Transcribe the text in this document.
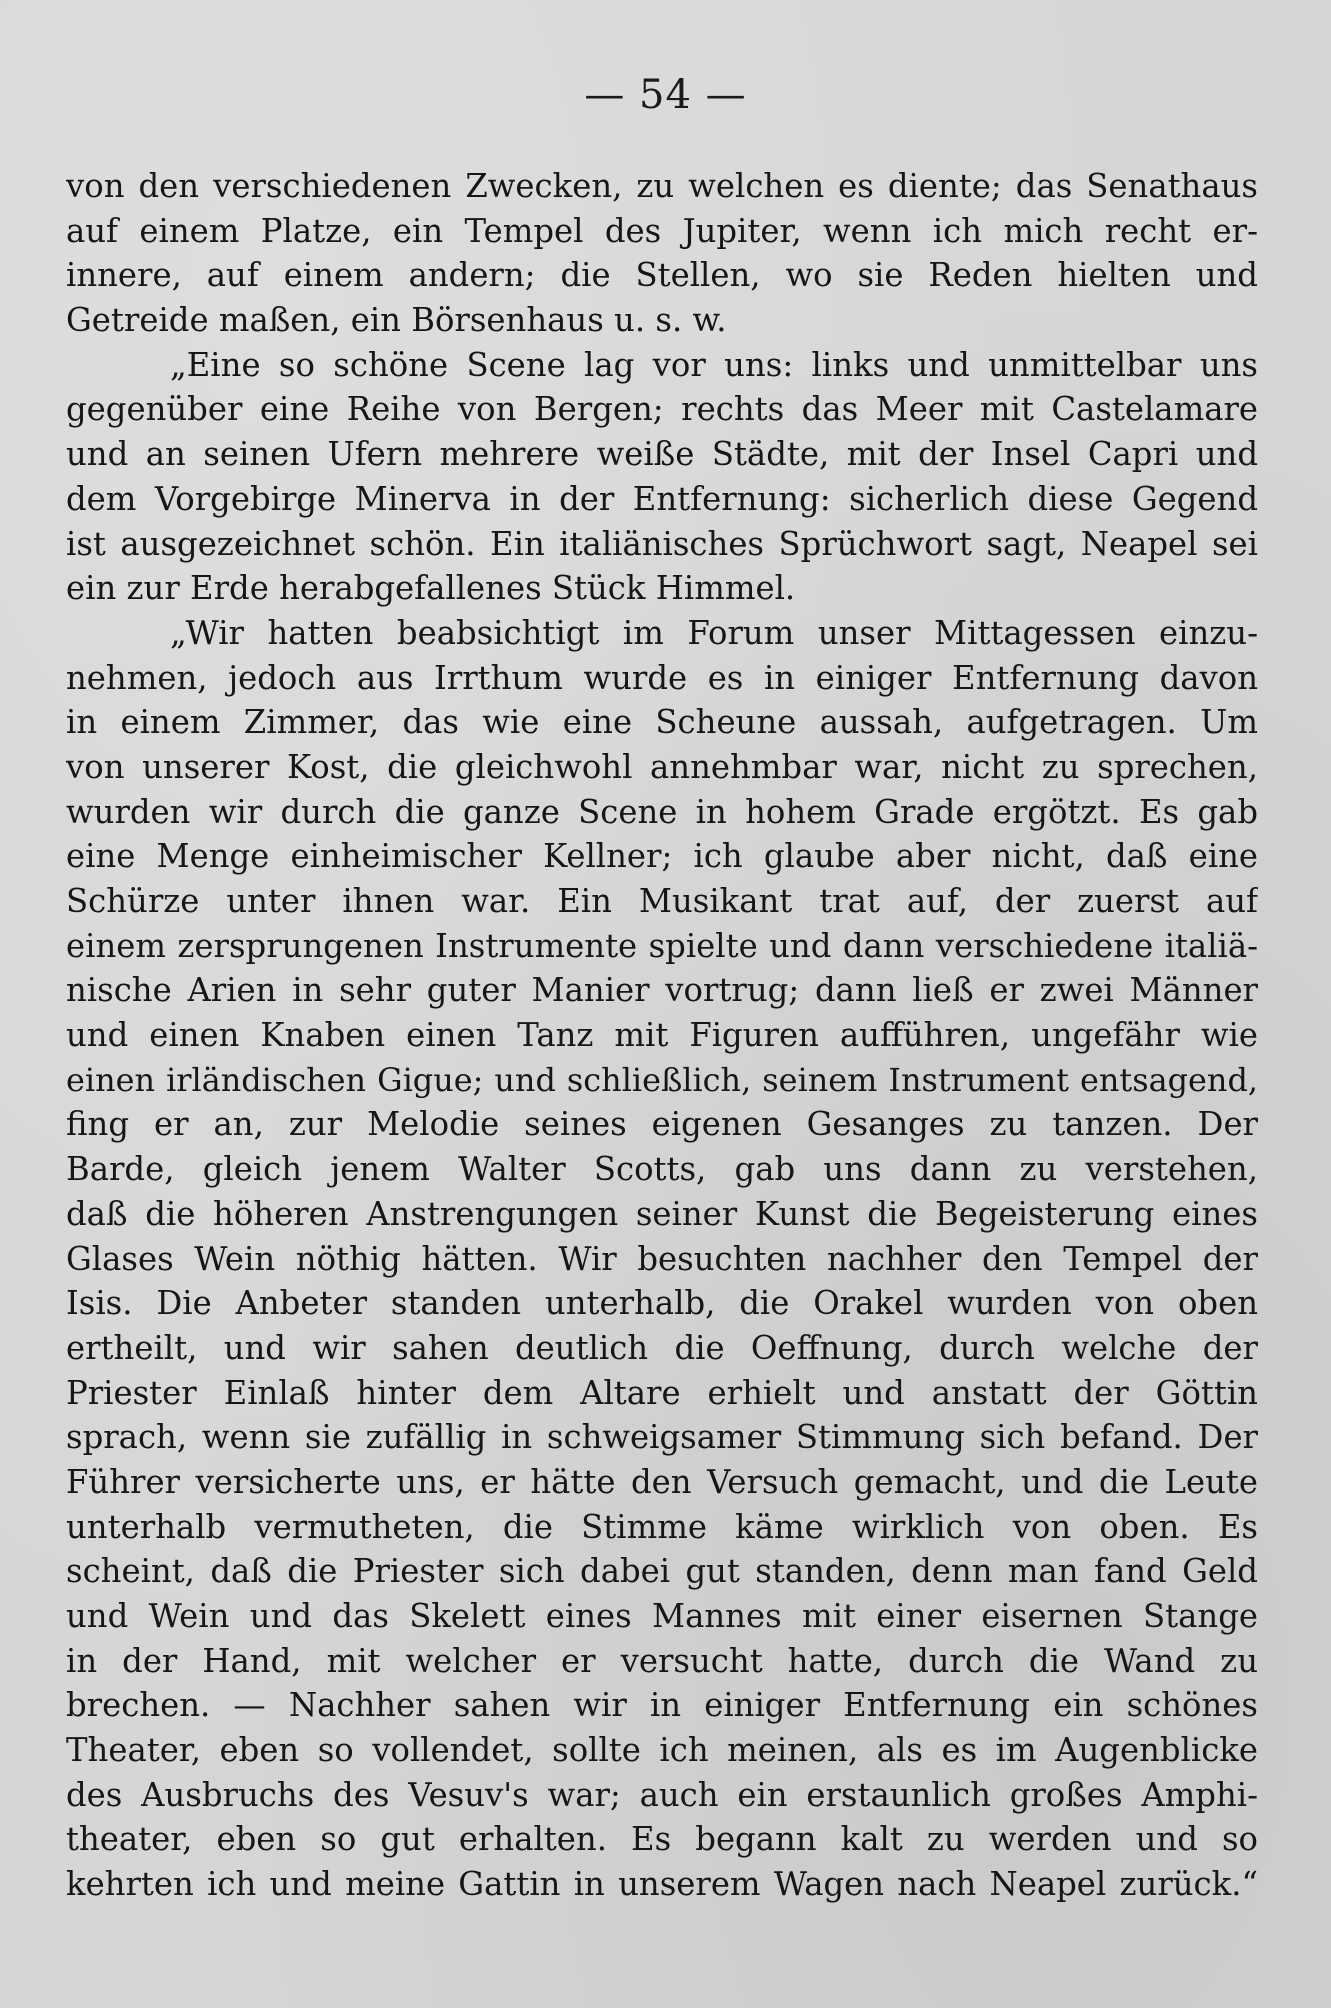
— 54 —
von den verschiedenen Zwecken, zu welchen es diente; das Senathaus
auf einem Platze, ein Tempel des Jupiter, wenn ich mich recht er-
innere, auf einem andern; die Stellen, wo sie Reden hielten und
Getreide maßen, ein Börsenhaus u. s. w.
„Eine so schöne Scene lag vor uns: links und unmittelbar uns
gegenüber eine Reihe von Bergen; rechts das Meer mit Castelamare
und an seinen Ufern mehrere weiße Städte, mit der Insel Capri und
dem Vorgebirge Minerva in der Entfernung: sicherlich diese Gegend
ist ausgezeichnet schön. Ein italiänisches Sprüchwort sagt, Neapel sei
ein zur Erde herabgefallenes Stück Himmel.
„Wir hatten beabsichtigt im Forum unser Mittagessen einzu-
nehmen, jedoch aus Irrthum wurde es in einiger Entfernung davon
in einem Zimmer, das wie eine Scheune aussah, aufgetragen. Um
von unserer Kost, die gleichwohl annehmbar war, nicht zu sprechen,
wurden wir durch die ganze Scene in hohem Grade ergötzt. Es gab
eine Menge einheimischer Kellner; ich glaube aber nicht, daß eine
Schürze unter ihnen war. Ein Musikant trat auf, der zuerst auf
einem zersprungenen Instrumente spielte und dann verschiedene italiä-
nische Arien in sehr guter Manier vortrug; dann ließ er zwei Männer
und einen Knaben einen Tanz mit Figuren aufführen, ungefähr wie
einen irländischen Gigue; und schließlich, seinem Instrument entsagend,
fing er an, zur Melodie seines eigenen Gesanges zu tanzen. Der
Barde, gleich jenem Walter Scotts, gab uns dann zu verstehen,
daß die höheren Anstrengungen seiner Kunst die Begeisterung eines
Glases Wein nöthig hätten. Wir besuchten nachher den Tempel der
Isis. Die Anbeter standen unterhalb, die Orakel wurden von oben
ertheilt, und wir sahen deutlich die Oeffnung, durch welche der
Priester Einlaß hinter dem Altare erhielt und anstatt der Göttin
sprach, wenn sie zufällig in schweigsamer Stimmung sich befand. Der
Führer versicherte uns, er hätte den Versuch gemacht, und die Leute
unterhalb vermutheten, die Stimme käme wirklich von oben. Es
scheint, daß die Priester sich dabei gut standen, denn man fand Geld
und Wein und das Skelett eines Mannes mit einer eisernen Stange
in der Hand, mit welcher er versucht hatte, durch die Wand zu
brechen. — Nachher sahen wir in einiger Entfernung ein schönes
Theater, eben so vollendet, sollte ich meinen, als es im Augenblicke
des Ausbruchs des Vesuv's war; auch ein erstaunlich großes Amphi-
theater, eben so gut erhalten. Es begann kalt zu werden und so
kehrten ich und meine Gattin in unserem Wagen nach Neapel zurück.“
